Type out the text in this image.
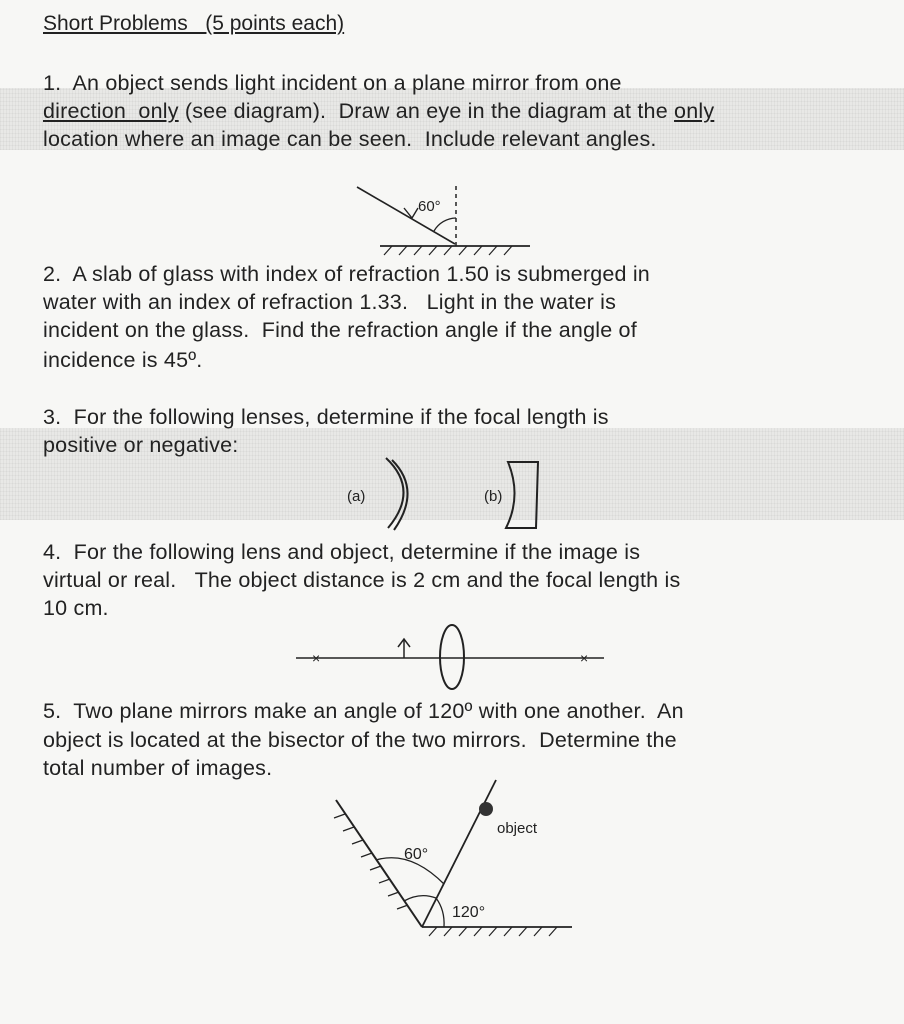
Short Problems   (5 points each)
1.  An object sends light incident on a plane mirror from one
direction  only (see diagram).  Draw an eye in the diagram at the only
location where an image can be seen.  Include relevant angles.
60°
(a)	(b)
×	×
object
60°
120°
2.  A slab of glass with index of refraction 1.50 is submerged in
water with an index of refraction 1.33.   Light in the water is
incident on the glass.  Find the refraction angle if the angle of
incidence is 45º.
3.  For the following lenses, determine if the focal length is
positive or negative:
4.  For the following lens and object, determine if the image is
virtual or real.   The object distance is 2 cm and the focal length is
10 cm.
5.  Two plane mirrors make an angle of 120º with one another.  An
object is located at the bisector of the two mirrors.  Determine the
total number of images.
